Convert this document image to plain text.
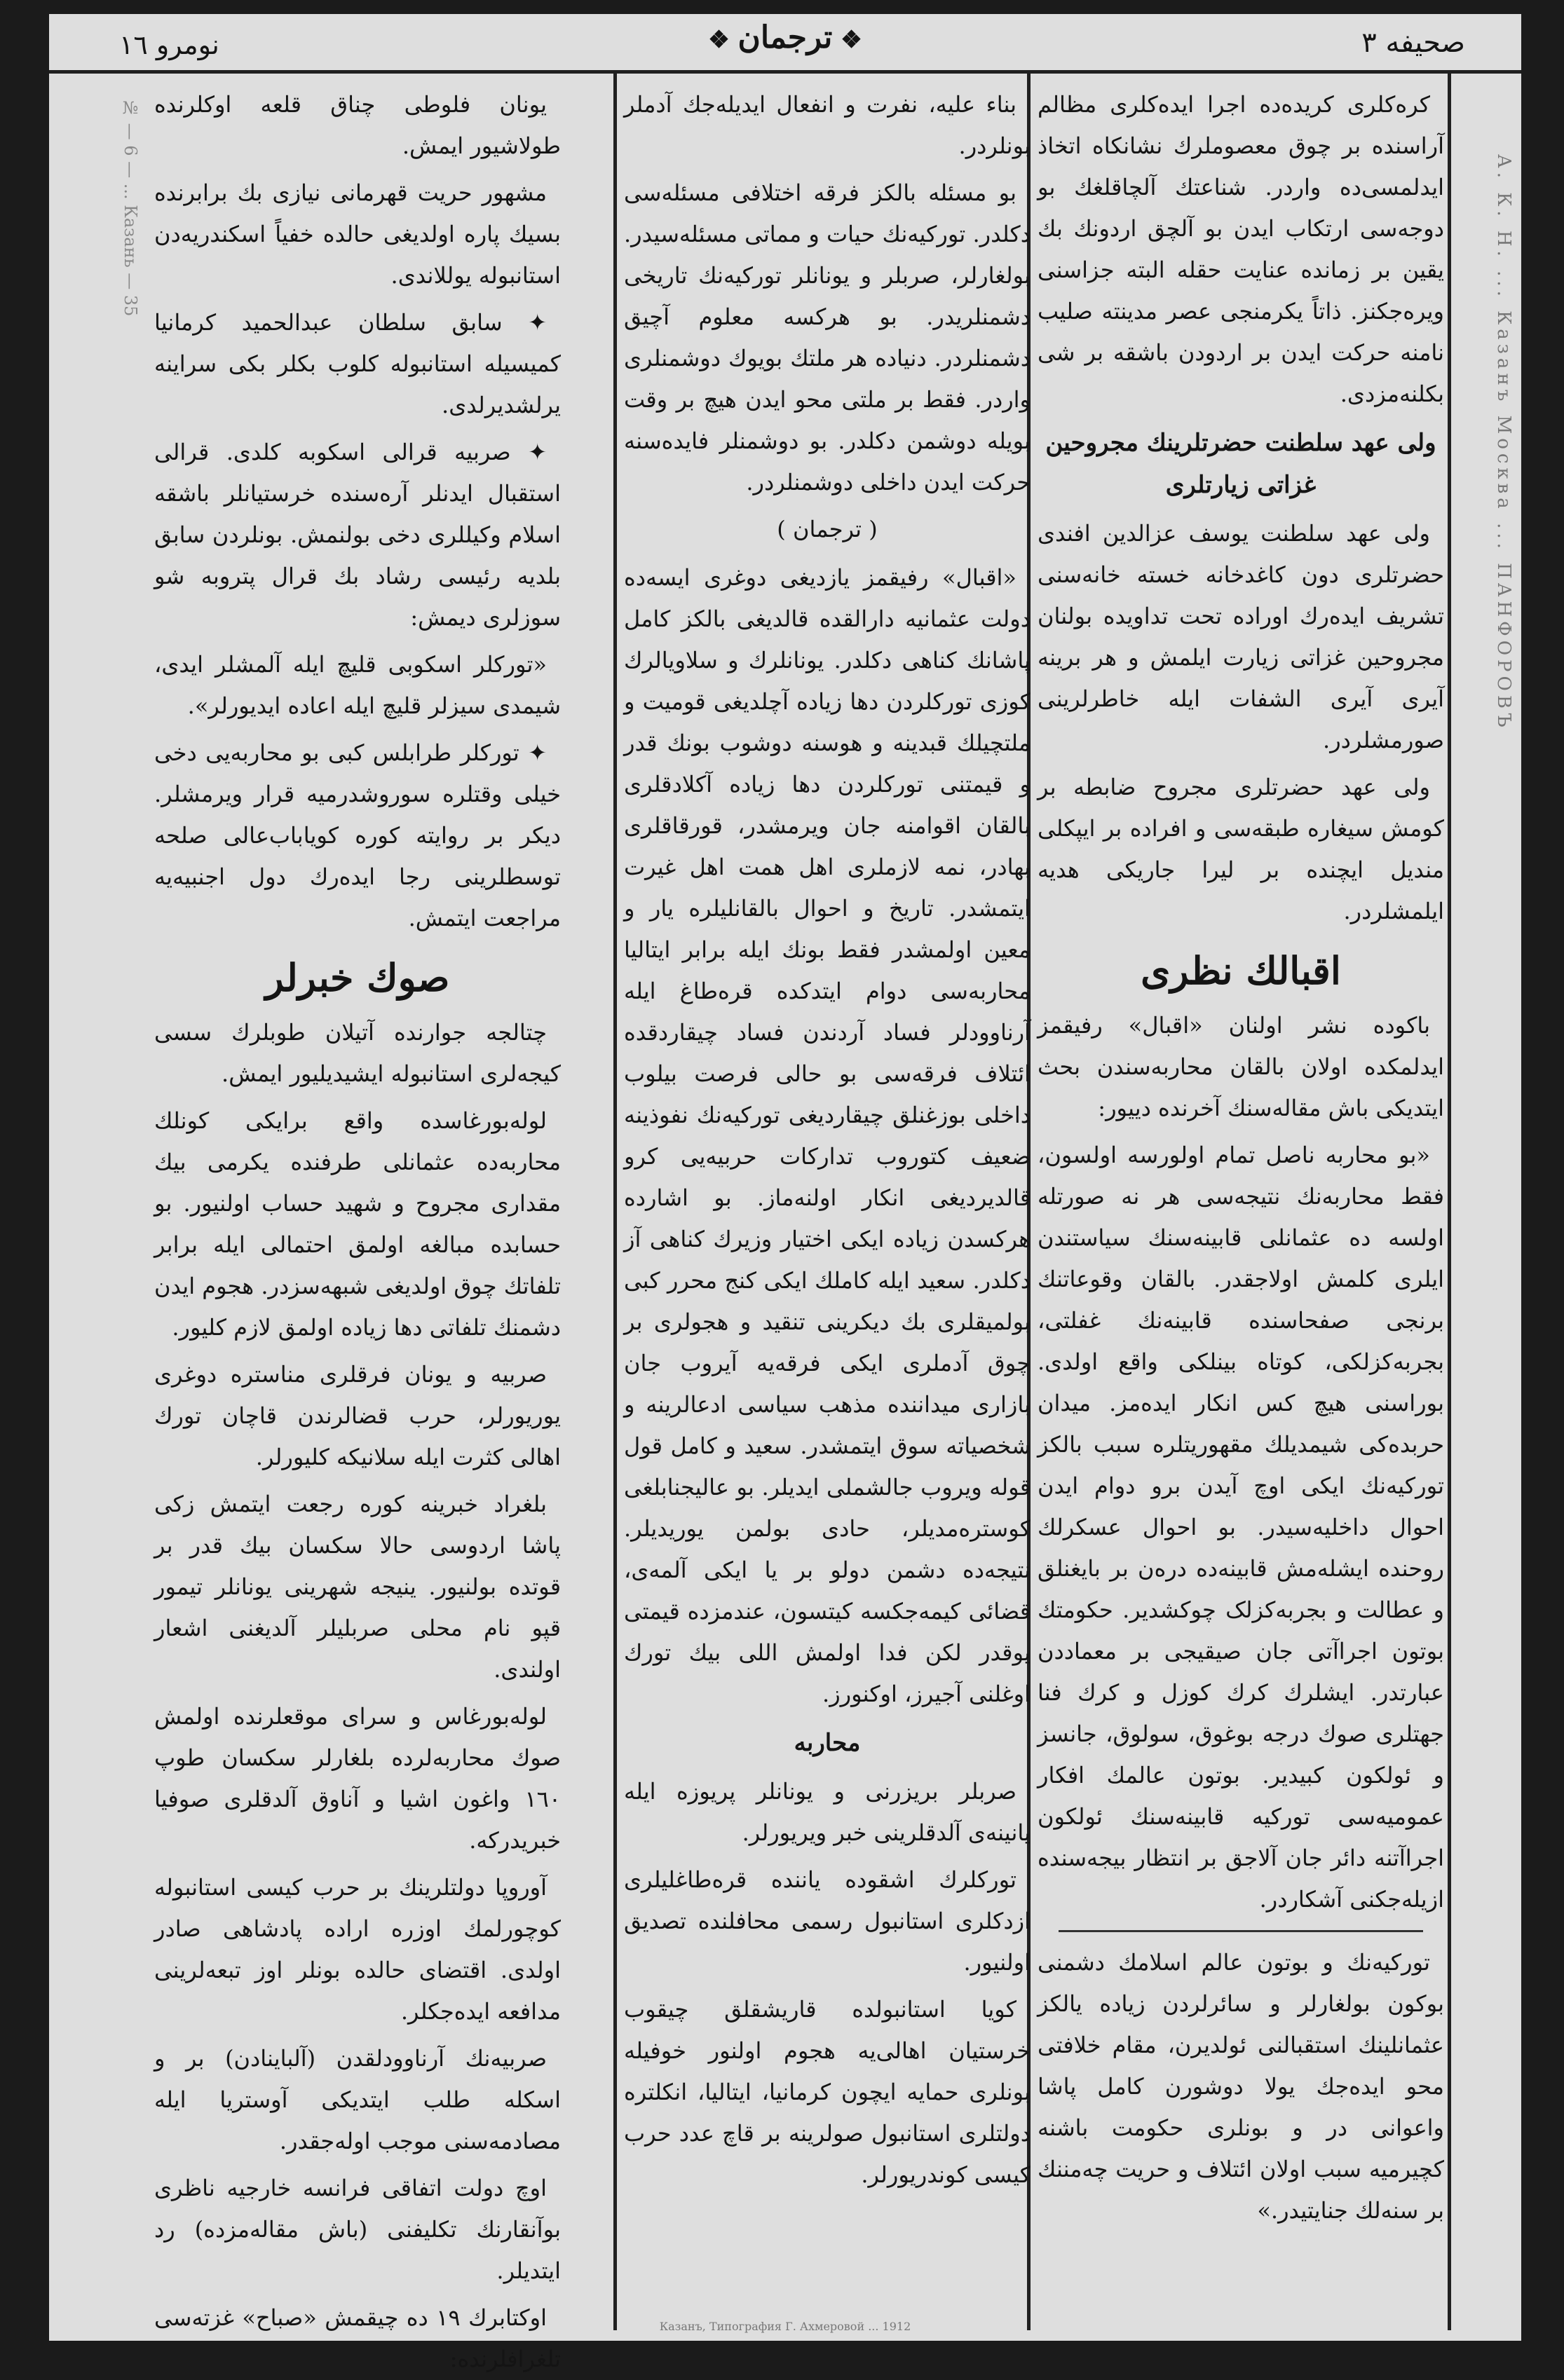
نومرو ۱٦	❖ ترجمان ❖	صحیفه ۳

کره‌کلری کریده‌ده اجرا ایده‌کلری مظالم آراسنده بر چوق معصوملرك نشانکاه اتخاذ ایدلمسی‌ده واردر. شناعتك آلچاقلغك بو دوجه‌سی ارتکاب ایدن بو آلچق اردونك بك یقین بر زمانده عنایت حقله البته جزاسنی ویره‌جکنز. ذاتاً یکرمنجی عصر مدینته صلیب نامنه حرکت ایدن بر اردودن باشقه بر شی بکلنه‌مزدی.

ولی عهد سلطنت حضرتلرینك مجروحین غزاتی زیارتلری

ولی عهد سلطنت یوسف عزالدین افندی حضرتلری دون کاغدخانه خسته خانه‌سنی تشریف ایده‌رك اوراده تحت تداویده بولنان مجروحین غزاتی زیارت ایلمش و هر برینه آیری آیری الشفات ایله خاطرلرینی صورمشلردر.

ولی عهد حضرتلری مجروح ضابطه بر کومش سیغاره طبقه‌سی و افراده بر ایپکلی مندیل ایچنده بر لیرا جاریکی هدیه ایلمشلردر.

اقبالك نظری

باکوده نشر اولنان «اقبال» رفیقمز ایدلمکده اولان بالقان محاربه‌سندن بحث ایتدیکی باش مقاله‌سنك آخرنده دییور:

«بو محاربه ناصل تمام اولورسه اولسون، فقط محاربه‌نك نتیجه‌سی هر نه صورتله اولسه ده عثمانلی قابینه‌سنك سیاستندن ایلری کلمش اولاجقدر. بالقان وقوعاتنك برنجی صفحاسنده قابینه‌نك غفلتی، بجربه‌کزلکی، کوتاه بینلکی واقع اولدی. بوراسنی هیچ کس انکار ایدەمز. میدان حربده‌کی شیمدیلك مقهوریتلره سبب بالکز تورکیه‌نك ایکی اوچ آیدن برو دوام ایدن احوال داخلیه‌سیدر. بو احوال عسکرلك روحنده ایشله‌مش قابینه‌ده دره‌ن بر بایغنلق و عطالت و بجربه‌کزلک چوکشدیر. حکومتك بوتون اجراآتی جان صیقیجی بر معماددن عبارتدر. ایشلرك کرك کوزل و کرك فنا جهتلری صوك درجه بوغوق، سولوق، جانسز و ئولکون کبیدیر. بوتون عالمك افکار عمومیه‌سی تورکیه قابینه‌سنك ئولکون اجراآتنه دائر جان آلاجق بر انتظار بیجه‌سنده ازیله‌جکنی آشکاردر.

تورکیه‌نك و بوتون عالم اسلامك دشمنی بوکون بولغارلر و سائرلردن زیاده یالکز عثمانلینك استقبالنی ئولدیرن، مقام خلافتی محو ایده‌جك یولا دوشورن کامل پاشا واعوانی در و بونلری حکومت باشنه کچیرمیه سبب اولان ائتلاف و حریت چه‌مننك بر سنه‌لك جنایتیدر.»

بناء علیه، نفرت و انفعال ایدیله‌جك آدملر بونلردر.

بو مسئله بالکز فرقه اختلافی مسئله‌سی دکلدر. تورکیه‌نك حیات و مماتی مسئله‌سیدر. بولغارلر، صربلر و یونانلر تورکیه‌نك تاریخی دشمنلریدر. بو هرکسه معلوم آچیق دشمنلردر. دنیاده هر ملتك بویوك دوشمنلری واردر. فقط بر ملتی محو ایدن هیچ بر وقت بویله دوشمن دکلدر. بو دوشمنلر فایده‌سنه حرکت ایدن داخلی دوشمنلردر.

( ترجمان )

«اقبال» رفیقمز یازدیغی دوغری ایسه‌ده دولت عثمانیه دارالقده قالدیغی بالکز کامل پاشانك کناهی دکلدر. یونانلرك و سلاویالرك کوزی تورکلردن دها زیاده آچلدیغی قومیت و ملتچیلك قبدینه و هوسنه دوشوب بونك قدر و قیمتنی تورکلردن دها زیاده آکلادقلری بالقان اقوامنه جان ویرمشدر، قورقاقلری بهادر، نمه لازملری اهل همت اهل غیرت ایتمشدر. تاریخ و احوال بالقانلیلره یار و معین اولمشدر فقط بونك ایله برابر ایتالیا محاربه‌سی دوام ایتدکده قره‌طاغ ایله آرناوودلر فساد آردندن فساد چیقاردقده ائتلاف فرقه‌سی بو حالی فرصت بیلوب داخلی بوزغنلق چیقاردیغی تورکیه‌نك نفوذینه ضعیف کتوروب تدارکات حربیه‌یی کرو قالدیردیغی انکار اولنه‌ماز. بو اشارده هرکسدن زیاده ایکی اختیار وزیرك کناهی آز دکلدر. سعید ایله کاملك ایکی کنج محرر کبی بولمیقلری بك دیکرینی تنقید و هجولری بر چوق آدملری ایکی فرقه‌یه آیروب جان بازاری میداننده مذهب سیاسی ادعالرینه و شخصیاته سوق ایتمشدر. سعید و کامل قول قوله ویروب جالشملی ایدیلر. بو عالیجنابلغی کوستره‌مدیلر، حادی بولمن یوریدیلر. نتیجه‌ده دشمن دولو بر یا ایکی آلمه‌ی، قضائی کیمه‌جکسه کیتسون، عندمزده قیمتی یوقدر لکن فدا اولمش اللی بیك تورك اوغلنی آجیرز، اوکنورز.

محاربه

صربلر بریزرنی و یونانلر پریوزه ایله یانینه‌ی آلدقلرینی خبر ویریورلر.

تورکلرك اشقوده یاننده قره‌طاغلیلری ازدکلری استانبول رسمی محافلنده تصدیق اولنیور.

کویا استانبولده قاریشقلق چیقوب خرستیان اهالی‌یه هجوم اولنور خوفیله بونلری حمایه ایچون کرمانیا، ایتالیا، انکلتره دولتلری استانبول صولرینه بر قاچ عدد حرب کیسی کوندریورلر.

یونان فلوطی چناق قلعه اوکلرنده طولاشیور ایمش.

مشهور حریت قهرمانی نیازی بك برابرنده بسیك پاره اولدیغی حالده خفیاً اسکندریه‌دن استانبوله یوللاندی.

✦ سابق سلطان عبدالحمید کرمانیا کمیسیله استانبوله کلوب بکلر بکی سراینه یرلشدیرلدی.

✦ صربیه قرالی اسکوبه کلدی. قرالی استقبال ایدنلر آره‌سنده خرستیانلر باشقه اسلام وکیللری دخی بولنمش. بونلردن سابق بلدیه رئیسی رشاد بك قرال پتروبه شو سوزلری دیمش:

«تورکلر اسکوبی قلیچ ایله آلمشلر ایدی، شیمدی سیزلر قلیچ ایله اعاده ایدیورلر».

✦ تورکلر طرابلس کبی بو محاربه‌یی دخی خیلی وقتلره سوروشدرمیه قرار ویرمشلر. دیکر بر روایته کوره کویاباب‌عالی صلحه توسطلرینی رجا ایده‌رك دول اجنبیه‌یه مراجعت ایتمش.

صوك خبرلر

چتالجه جوارنده آتیلان طوبلرك سسی کیجه‌لری استانبوله ایشیدیلیور ایمش.

لوله‌بورغاسده واقع برایکی کونلك محاربه‌ده عثمانلی طرفنده یکرمی بیك مقداری مجروح و شهید حساب اولنیور. بو حسابده مبالغه اولمق احتمالی ایله برابر تلفاتك چوق اولدیغی شبهه‌سزدر. هجوم ایدن دشمنك تلفاتی دها زیاده اولمق لازم کلیور.

صربیه و یونان فرقلری مناستره دوغری یوریورلر، حرب قضالرندن قاچان تورك اهالی کثرت ایله سلانیکه کلیورلر.

بلغراد خبرینه کوره رجعت ایتمش زکی پاشا اردوسی حالا سکسان بیك قدر بر قوتده بولنیور. ینیجه شهرینی یونانلر تیمور قپو نام محلی صربلیلر آلدیغنی اشعار اولندی.

لوله‌بورغاس و سرای موقعلرنده اولمش صوك محاربه‌لرده بلغارلر سکسان طوپ ۱٦۰ واغون اشیا و آناوق آلدقلری صوفیا خبریدرکه.

آوروپا دولتلرینك بر حرب کیسی استانبوله کوچورلمك اوزره اراده پادشاهی صادر اولدی. اقتضای حالده بونلر اوز تبعه‌لرینی مدافعه ایده‌جکلر.

صربیه‌نك آرناوودلقدن (آلباینادن) بر و اسکله طلب ایتدیکی آوستریا ایله مصادمه‌سنی موجب اوله‌جقدر.

اوچ دولت اتفاقی فرانسه خارجیه ناظری بوآنقارنك تکلیفنی (باش مقاله‌مزده) رد ایتدیلر.

اوکتابرك ۱۹ ده چیقمش «صباح» غزته‌سی تلغرافلرنده:

№ — 6 — ... Казань — 35	А. К. Н. ... Казанъ Москва ... ПАНФОРОВЪ
Казанъ, Типография Г. Ахмеровой ... 1912
